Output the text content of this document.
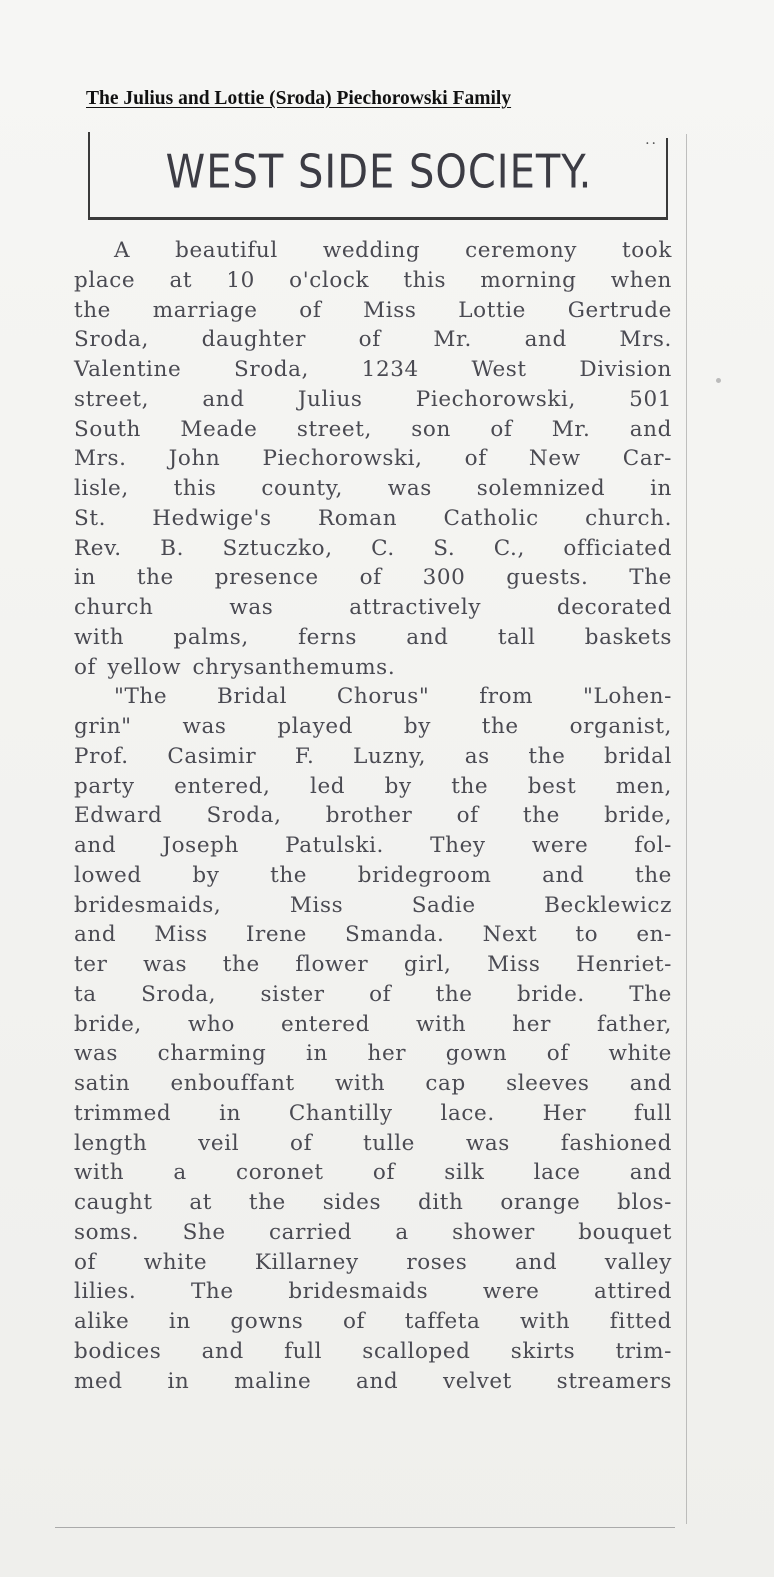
The Julius and Lottie (Sroda) Piechorowski Family
..
WEST SIDE SOCIETY.
A beautiful wedding ceremony took
place at 10 o'clock this morning when
the marriage of Miss Lottie Gertrude
Sroda, daughter of Mr. and Mrs.
Valentine Sroda, 1234 West Division
street, and Julius Piechorowski, 501
South Meade street, son of Mr. and
Mrs. John Piechorowski, of New Car-
lisle, this county, was solemnized in
St. Hedwige's Roman Catholic church.
Rev. B. Sztuczko, C. S. C., officiated
in the presence of 300 guests. The
church was attractively decorated
with palms, ferns and tall baskets
of yellow chrysanthemums.
"The Bridal Chorus" from "Lohen-
grin" was played by the organist,
Prof. Casimir F. Luzny, as the bridal
party entered, led by the best men,
Edward Sroda, brother of the bride,
and Joseph Patulski. They were fol-
lowed by the bridegroom and the
bridesmaids, Miss Sadie Becklewicz
and Miss Irene Smanda. Next to en-
ter was the flower girl, Miss Henriet-
ta Sroda, sister of the bride. The
bride, who entered with her father,
was charming in her gown of white
satin enbouffant with cap sleeves and
trimmed in Chantilly lace. Her full
length veil of tulle was fashioned
with a coronet of silk lace and
caught at the sides dith orange blos-
soms. She carried a shower bouquet
of white Killarney roses and valley
lilies. The bridesmaids were attired
alike in gowns of taffeta with fitted
bodices and full scalloped skirts trim-
med in maline and velvet streamers
